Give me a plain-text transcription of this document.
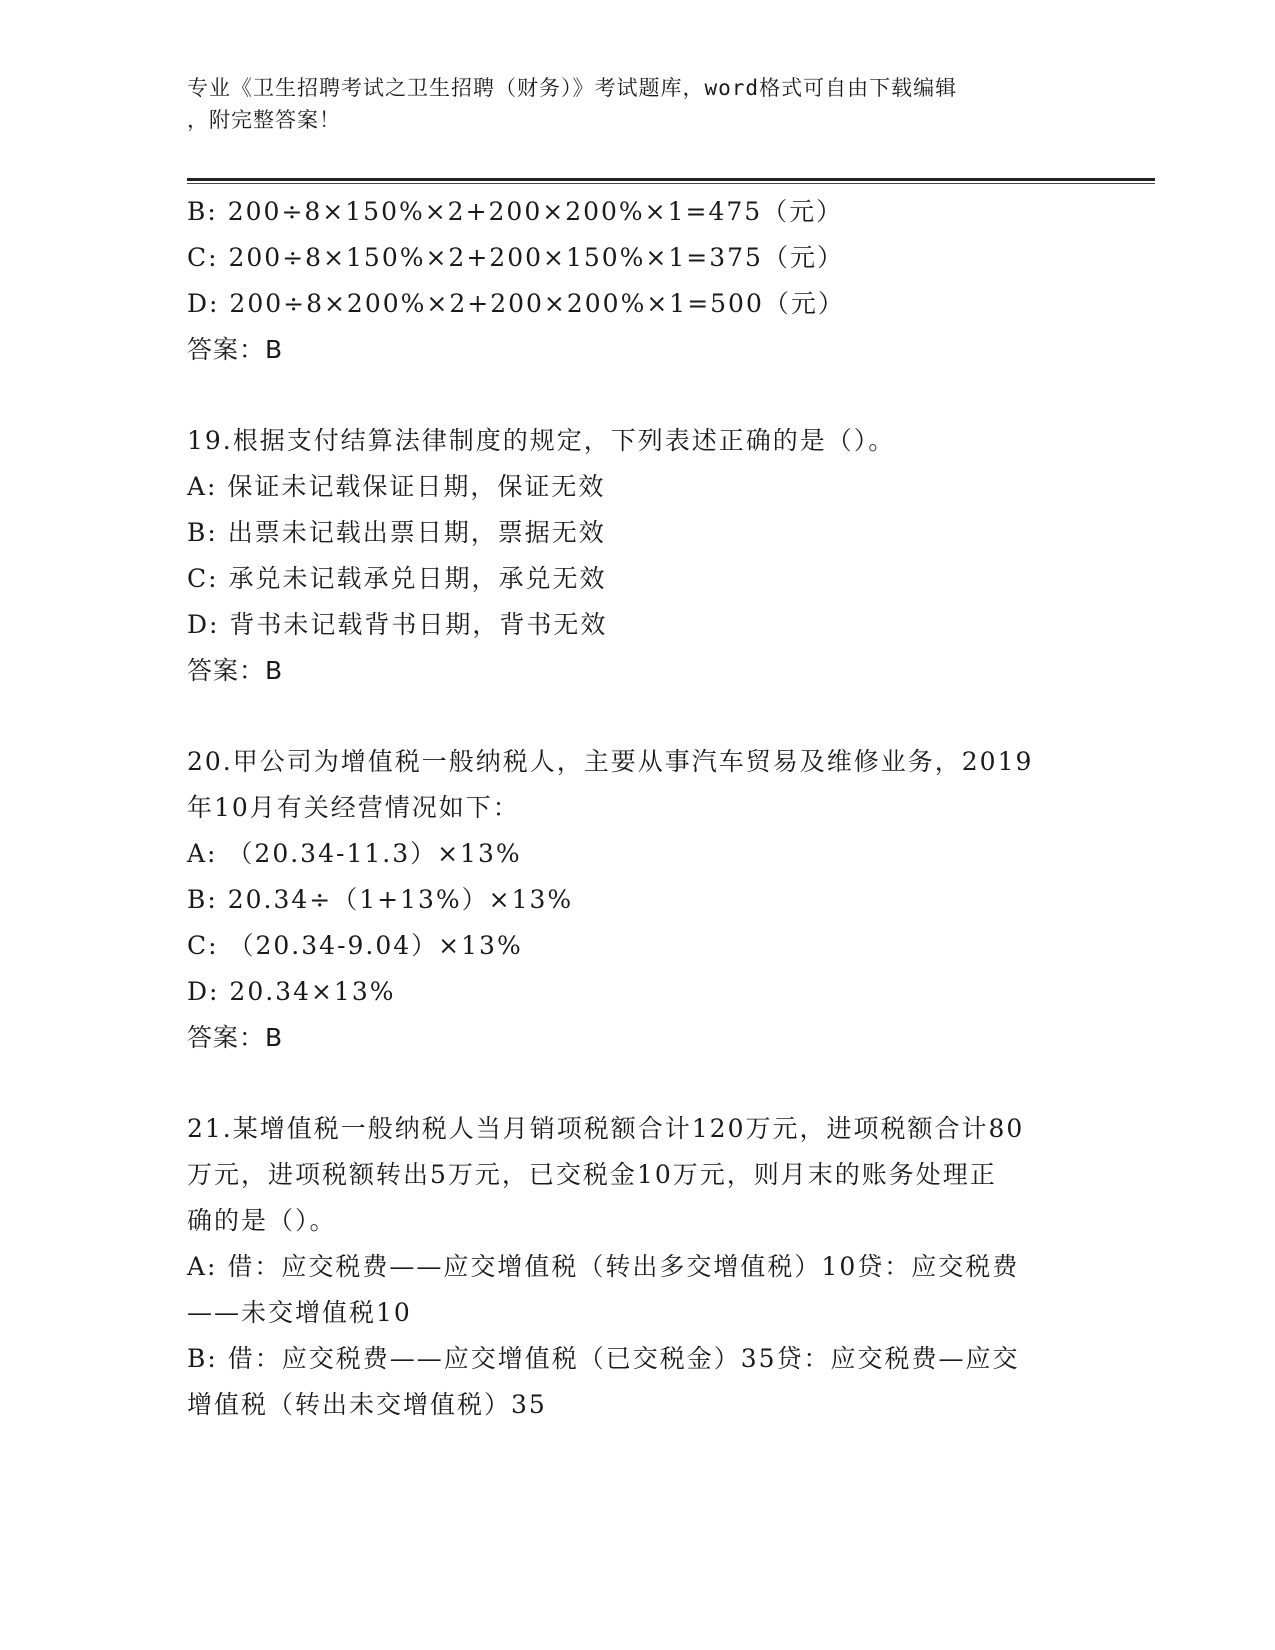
专业《卫生招聘考试之卫生招聘（财务）》考试题库，word格式可自由下载编辑
，附完整答案！
B: 200÷8×150%×2+200×200%×1=475（元）
C: 200÷8×150%×2+200×150%×1=375（元）
D: 200÷8×200%×2+200×200%×1=500（元）
答案：B
19.根据支付结算法律制度的规定，下列表述正确的是（）。
A: 保证未记载保证日期，保证无效
B: 出票未记载出票日期，票据无效
C: 承兑未记载承兑日期，承兑无效
D: 背书未记载背书日期，背书无效
答案：B
20.甲公司为增值税一般纳税人，主要从事汽车贸易及维修业务，2019
年10月有关经营情况如下：
A: （20.34-11.3）×13%
B: 20.34÷（1+13%）×13%
C: （20.34-9.04）×13%
D: 20.34×13%
答案：B
21.某增值税一般纳税人当月销项税额合计120万元，进项税额合计80
万元，进项税额转出5万元，已交税金10万元，则月末的账务处理正
确的是（）。
A: 借：应交税费——应交增值税（转出多交增值税）10贷：应交税费
——未交增值税10
B: 借：应交税费——应交增值税（已交税金）35贷：应交税费—应交
增值税（转出未交增值税）35
